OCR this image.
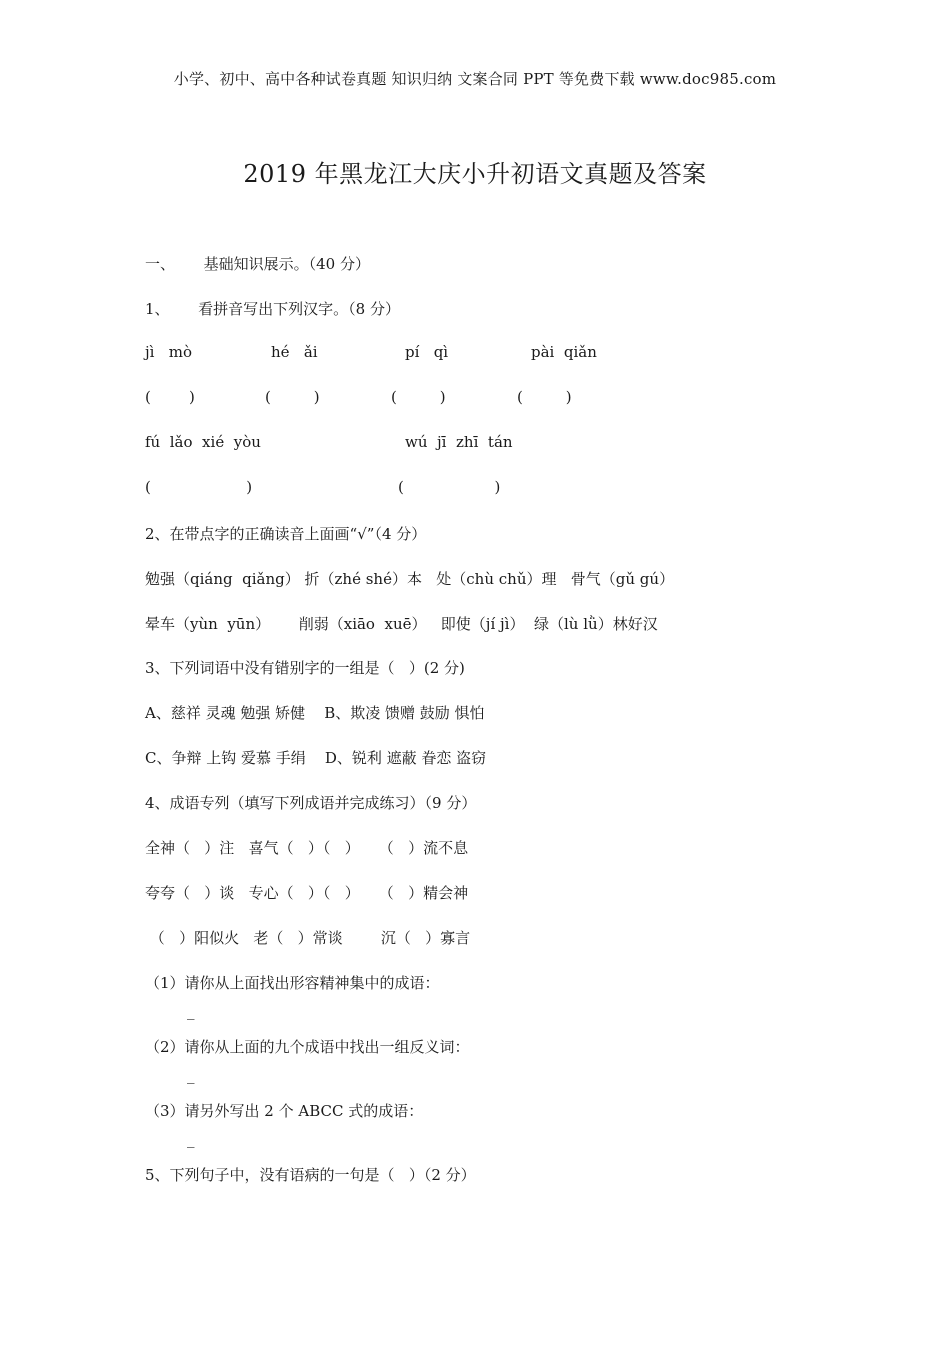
小学、初中、高中各种试卷真题 知识归纳 文案合同 PPT 等免费下载 www.doc985.com
2019 年黑龙江大庆小升初语文真题及答案
一、      基础知识展示。（40 分）
1、      看拼音写出下列汉字。（8 分）
jì   mò	hé   ǎi	pí   qì	pài  qiǎn
(        )	(         )	(         )	(         )
fú  lǎo  xié  yòu	wú  jī  zhī  tán
(                    )	(                   )
2、在带点字的正确读音上面画“√”（4 分）
勉强（qiáng  qiǎng） 折（zhé shé）本   处（chù chǔ）理   骨气（gǔ gú）
晕车（yùn  yūn）      削弱（xiāo  xuē）   即使（jí jì）  绿（lù lǜ）林好汉
3、下列词语中没有错别字的一组是（   ）(2 分)
A、慈祥 灵魂 勉强 矫健    B、欺凌 馈赠 鼓励 惧怕
C、争辩 上钩 爱慕 手绢    D、锐利 遮蔽 眷恋 盗窃
4、成语专列（填写下列成语并完成练习）（9 分）
全神（   ）注   喜气（   ）（   ）    （   ）流不息
夸夸（   ）谈   专心（   ）（   ）    （   ）精会神
（   ）阳似火   老（   ）常谈        沉（   ）寡言
（1）请你从上面找出形容精神集中的成语：
_
（2）请你从上面的九个成语中找出一组反义词：
_
（3）请另外写出 2 个 ABCC 式的成语：
_
5、下列句子中，没有语病的一句是（   ）（2 分）
